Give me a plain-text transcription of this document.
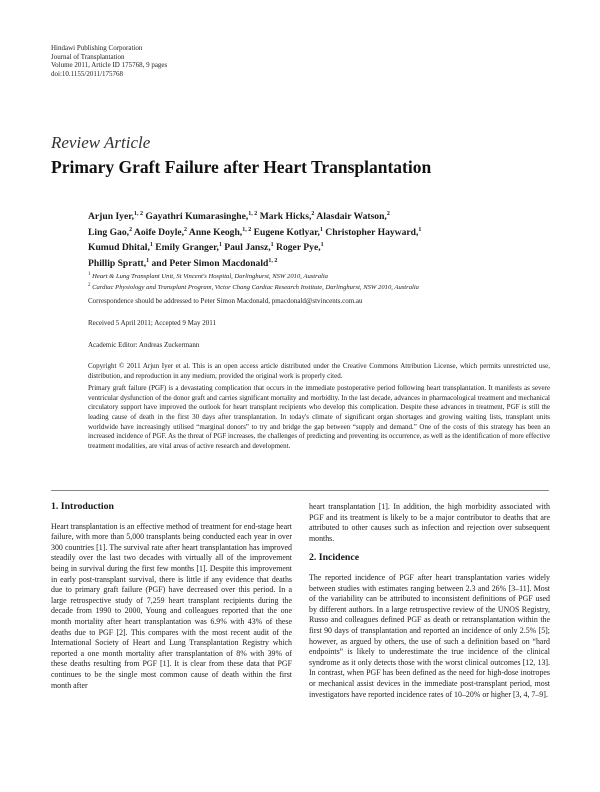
Hindawi Publishing Corporation
Journal of Transplantation
Volume 2011, Article ID 175768, 9 pages
doi:10.1155/2011/175768
Review Article
Primary Graft Failure after Heart Transplantation
Arjun Iyer,$^{1, 2}$ Gayathri Kumarasinghe,$^{1, 2}$ Mark Hicks,$^2$ Alasdair Watson,$^2$
Ling Gao,$^2$ Aoife Doyle,$^2$ Anne Keogh,$^{1, 2}$ Eugene Kotlyar,$^1$ Christopher Hayward,$^1$
Kumud Dhital,$^1$ Emily Granger,$^1$ Paul Jansz,$^1$ Roger Pye,$^1$
Phillip Spratt,$^1$ and Peter Simon Macdonald$^{1, 2}$
$^1$ Heart & Lung Transplant Unit, St Vincent's Hospital, Darlinghurst, NSW 2010, Australia
$^2$ Cardiac Physiology and Transplant Program, Victor Chang Cardiac Research Institute, Darlinghurst, NSW 2010, Australia
Correspondence should be addressed to Peter Simon Macdonald, pmacdonald@stvincents.com.au
Received 5 April 2011; Accepted 9 May 2011
Academic Editor: Andreas Zuckermann
Copyright © 2011 Arjun Iyer et al. This is an open access article distributed under the Creative Commons Attribution License, which permits unrestricted use, distribution, and reproduction in any medium, provided the original work is properly cited.
Primary graft failure (PGF) is a devastating complication that occurs in the immediate postoperative period following heart transplantation. It manifests as severe ventricular dysfunction of the donor graft and carries significant mortality and morbidity. In the last decade, advances in pharmacological treatment and mechanical circulatory support have improved the outlook for heart transplant recipients who develop this complication. Despite these advances in treatment, PGF is still the leading cause of death in the first 30 days after transplantation. In today's climate of significant organ shortages and growing waiting lists, transplant units worldwide have increasingly utilised “marginal donors” to try and bridge the gap between “supply and demand.” One of the costs of this strategy has been an increased incidence of PGF. As the threat of PGF increases, the challenges of predicting and preventing its occurrence, as well as the identification of more effective treatment modalities, are vital areas of active research and development.
1. Introduction

Heart transplantation is an effective method of treatment for end-stage heart failure, with more than 5,000 transplants being conducted each year in over 300 countries [1]. The survival rate after heart transplantation has improved steadily over the last two decades with virtually all of the improvement being in survival during the first few months [1]. Despite this improvement in early post-transplant survival, there is little if any evidence that deaths due to primary graft failure (PGF) have decreased over this period. In a large retrospective study of 7,259 heart transplant recipients during the decade from 1990 to 2000, Young and colleagues reported that the one month mortality after heart transplantation was 6.9% with 43% of these deaths due to PGF [2]. This compares with the most recent audit of the International Society of Heart and Lung Transplantation Registry which reported a one month mortality after transplantation of 8% with 39% of these deaths resulting from PGF [1]. It is clear from these data that PGF continues to be the single most common cause of death within the first month after

heart transplantation [1]. In addition, the high morbidity associated with PGF and its treatment is likely to be a major contributor to deaths that are attributed to other causes such as infection and rejection over subsequent months.

2. Incidence

The reported incidence of PGF after heart transplantation varies widely between studies with estimates ranging between 2.3 and 26% [3–11]. Most of the variability can be attributed to inconsistent definitions of PGF used by different authors. In a large retrospective review of the UNOS Registry, Russo and colleagues defined PGF as death or retransplantation within the first 90 days of transplantation and reported an incidence of only 2.5% [5]; however, as argued by others, the use of such a definition based on “hard endpoints” is likely to underestimate the true incidence of the clinical syndrome as it only detects those with the worst clinical outcomes [12, 13]. In contrast, when PGF has been defined as the need for high-dose inotropes or mechanical assist devices in the immediate post-transplant period, most investigators have reported incidence rates of 10–20% or higher [3, 4, 7–9].
